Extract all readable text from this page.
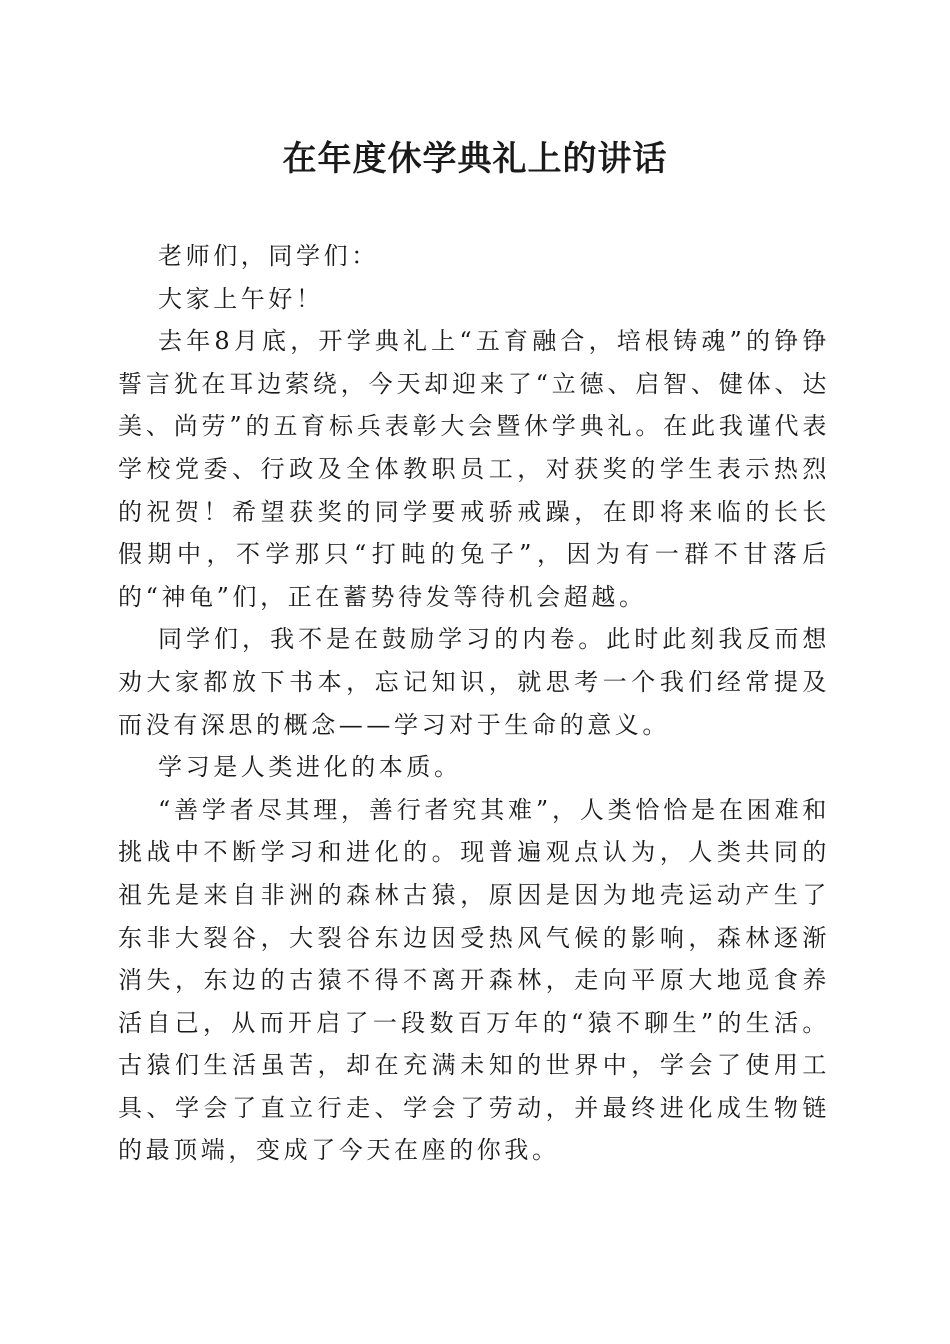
在年度休学典礼上的讲话

老师们，同学们：

大家上午好！

去年8月底，开学典礼上“五育融合，培根铸魂”的铮铮誓言犹在耳边萦绕，今天却迎来了“立德、启智、健体、达美、尚劳”的五育标兵表彰大会暨休学典礼。在此我谨代表学校党委、行政及全体教职员工，对获奖的学生表示热烈的祝贺！希望获奖的同学要戒骄戒躁，在即将来临的长长假期中，不学那只“打盹的兔子”，因为有一群不甘落后的“神龟”们，正在蓄势待发等待机会超越。

同学们，我不是在鼓励学习的内卷。此时此刻我反而想劝大家都放下书本，忘记知识，就思考一个我们经常提及而没有深思的概念——学习对于生命的意义。

学习是人类进化的本质。

“善学者尽其理，善行者究其难”，人类恰恰是在困难和挑战中不断学习和进化的。现普遍观点认为，人类共同的祖先是来自非洲的森林古猿，原因是因为地壳运动产生了东非大裂谷，大裂谷东边因受热风气候的影响，森林逐渐消失，东边的古猿不得不离开森林，走向平原大地觅食养活自己，从而开启了一段数百万年的“猿不聊生”的生活。古猿们生活虽苦，却在充满未知的世界中，学会了使用工具、学会了直立行走、学会了劳动，并最终进化成生物链的最顶端，变成了今天在座的你我。
